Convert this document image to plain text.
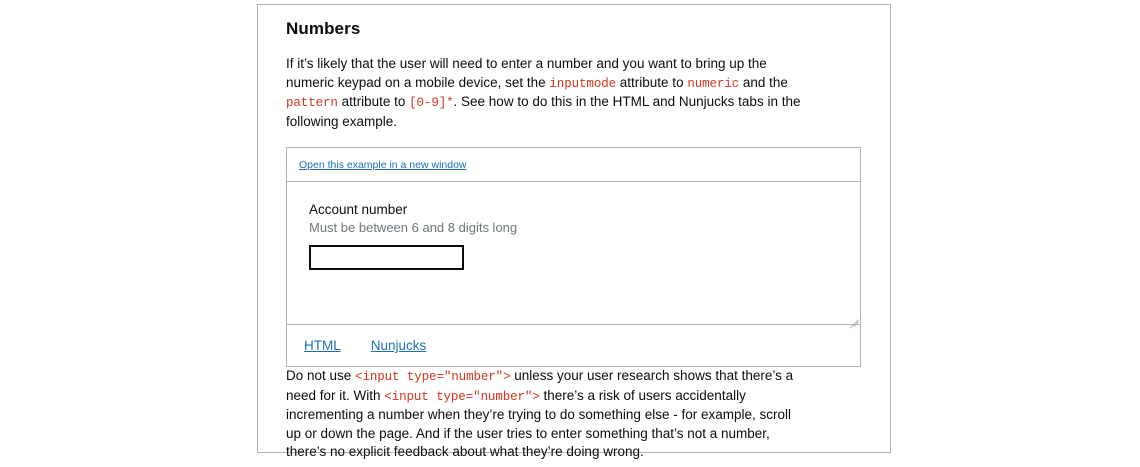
Numbers

If it’s likely that the user will need to enter a number and you want to bring up the numeric keypad on a mobile device, set the inputmode attribute to numeric and the pattern attribute to [0-9]*. See how to do this in the HTML and Nunjucks tabs in the following example.

Open this example in a new window
Account number
Must be between 6 and 8 digits long
HTML Nunjucks

Do not use <input type="number"> unless your user research shows that there’s a need for it. With <input type="number"> there’s a risk of users accidentally incrementing a number when they’re trying to do something else - for example, scroll up or down the page. And if the user tries to enter something that’s not a number, there’s no explicit feedback about what they’re doing wrong.
